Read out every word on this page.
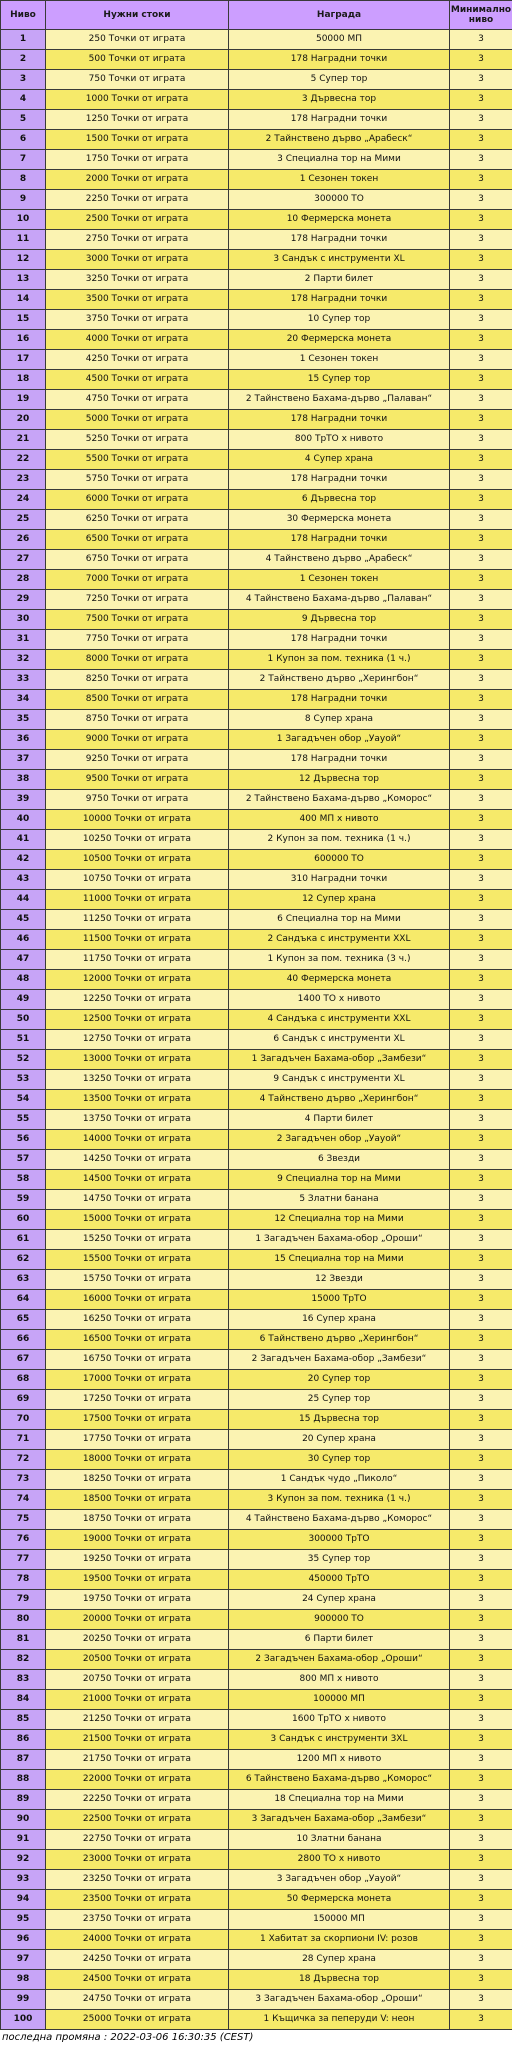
Ниво	Нужни стоки	Награда	Минимално ниво
1	250 Точки от играта	50000 МП	3
2	500 Точки от играта	178 Наградни точки	3
3	750 Точки от играта	5 Супер тор	3
4	1000 Точки от играта	3 Дървесна тор	3
5	1250 Точки от играта	178 Наградни точки	3
6	1500 Точки от играта	2 Тайнствено дърво „Арабеск“	3
7	1750 Точки от играта	3 Специална тор на Мими	3
8	2000 Точки от играта	1 Сезонен токен	3
9	2250 Точки от играта	300000 ТО	3
10	2500 Точки от играта	10 Фермерска монета	3
11	2750 Точки от играта	178 Наградни точки	3
12	3000 Точки от играта	3 Сандък с инструменти XL	3
13	3250 Точки от играта	2 Парти билет	3
14	3500 Точки от играта	178 Наградни точки	3
15	3750 Точки от играта	10 Супер тор	3
16	4000 Точки от играта	20 Фермерска монета	3
17	4250 Точки от играта	1 Сезонен токен	3
18	4500 Точки от играта	15 Супер тор	3
19	4750 Точки от играта	2 Тайнствено Бахама-дърво „Палаван“	3
20	5000 Точки от играта	178 Наградни точки	3
21	5250 Точки от играта	800 ТрТО x нивото	3
22	5500 Точки от играта	4 Супер храна	3
23	5750 Точки от играта	178 Наградни точки	3
24	6000 Точки от играта	6 Дървесна тор	3
25	6250 Точки от играта	30 Фермерска монета	3
26	6500 Точки от играта	178 Наградни точки	3
27	6750 Точки от играта	4 Тайнствено дърво „Арабеск“	3
28	7000 Точки от играта	1 Сезонен токен	3
29	7250 Точки от играта	4 Тайнствено Бахама-дърво „Палаван“	3
30	7500 Точки от играта	9 Дървесна тор	3
31	7750 Точки от играта	178 Наградни точки	3
32	8000 Точки от играта	1 Купон за пом. техника (1 ч.)	3
33	8250 Точки от играта	2 Тайнствено дърво „Херингбон“	3
34	8500 Точки от играта	178 Наградни точки	3
35	8750 Точки от играта	8 Супер храна	3
36	9000 Точки от играта	1 Загадъчен обор „Уауой“	3
37	9250 Точки от играта	178 Наградни точки	3
38	9500 Точки от играта	12 Дървесна тор	3
39	9750 Точки от играта	2 Тайнствено Бахама-дърво „Коморос“	3
40	10000 Точки от играта	400 МП x нивото	3
41	10250 Точки от играта	2 Купон за пом. техника (1 ч.)	3
42	10500 Точки от играта	600000 ТО	3
43	10750 Точки от играта	310 Наградни точки	3
44	11000 Точки от играта	12 Супер храна	3
45	11250 Точки от играта	6 Специална тор на Мими	3
46	11500 Точки от играта	2 Сандъка с инструменти XXL	3
47	11750 Точки от играта	1 Купон за пом. техника (3 ч.)	3
48	12000 Точки от играта	40 Фермерска монета	3
49	12250 Точки от играта	1400 ТО x нивото	3
50	12500 Точки от играта	4 Сандъка с инструменти XXL	3
51	12750 Точки от играта	6 Сандък с инструменти XL	3
52	13000 Точки от играта	1 Загадъчен Бахама-обор „Замбези“	3
53	13250 Точки от играта	9 Сандък с инструменти XL	3
54	13500 Точки от играта	4 Тайнствено дърво „Херингбон“	3
55	13750 Точки от играта	4 Парти билет	3
56	14000 Точки от играта	2 Загадъчен обор „Уауой“	3
57	14250 Точки от играта	6 Звезди	3
58	14500 Точки от играта	9 Специална тор на Мими	3
59	14750 Точки от играта	5 Златни банана	3
60	15000 Точки от играта	12 Специална тор на Мими	3
61	15250 Точки от играта	1 Загадъчен Бахама-обор „Ороши“	3
62	15500 Точки от играта	15 Специална тор на Мими	3
63	15750 Точки от играта	12 Звезди	3
64	16000 Точки от играта	15000 ТрТО	3
65	16250 Точки от играта	16 Супер храна	3
66	16500 Точки от играта	6 Тайнствено дърво „Херингбон“	3
67	16750 Точки от играта	2 Загадъчен Бахама-обор „Замбези“	3
68	17000 Точки от играта	20 Супер тор	3
69	17250 Точки от играта	25 Супер тор	3
70	17500 Точки от играта	15 Дървесна тор	3
71	17750 Точки от играта	20 Супер храна	3
72	18000 Точки от играта	30 Супер тор	3
73	18250 Точки от играта	1 Сандък чудо „Пиколо“	3
74	18500 Точки от играта	3 Купон за пом. техника (1 ч.)	3
75	18750 Точки от играта	4 Тайнствено Бахама-дърво „Коморос“	3
76	19000 Точки от играта	300000 ТрТО	3
77	19250 Точки от играта	35 Супер тор	3
78	19500 Точки от играта	450000 ТрТО	3
79	19750 Точки от играта	24 Супер храна	3
80	20000 Точки от играта	900000 ТО	3
81	20250 Точки от играта	6 Парти билет	3
82	20500 Точки от играта	2 Загадъчен Бахама-обор „Ороши“	3
83	20750 Точки от играта	800 МП x нивото	3
84	21000 Точки от играта	100000 МП	3
85	21250 Точки от играта	1600 ТрТО x нивото	3
86	21500 Точки от играта	3 Сандък с инструменти 3XL	3
87	21750 Точки от играта	1200 МП x нивото	3
88	22000 Точки от играта	6 Тайнствено Бахама-дърво „Коморос“	3
89	22250 Точки от играта	18 Специална тор на Мими	3
90	22500 Точки от играта	3 Загадъчен Бахама-обор „Замбези“	3
91	22750 Точки от играта	10 Златни банана	3
92	23000 Точки от играта	2800 ТО x нивото	3
93	23250 Точки от играта	3 Загадъчен обор „Уауой“	3
94	23500 Точки от играта	50 Фермерска монета	3
95	23750 Точки от играта	150000 МП	3
96	24000 Точки от играта	1 Хабитат за скорпиони IV: розов	3
97	24250 Точки от играта	28 Супер храна	3
98	24500 Точки от играта	18 Дървесна тор	3
99	24750 Точки от играта	3 Загадъчен Бахама-обор „Ороши“	3
100	25000 Точки от играта	1 Къщичка за пеперуди V: неон	3
последна промяна : 2022-03-06 16:30:35 (CEST)
